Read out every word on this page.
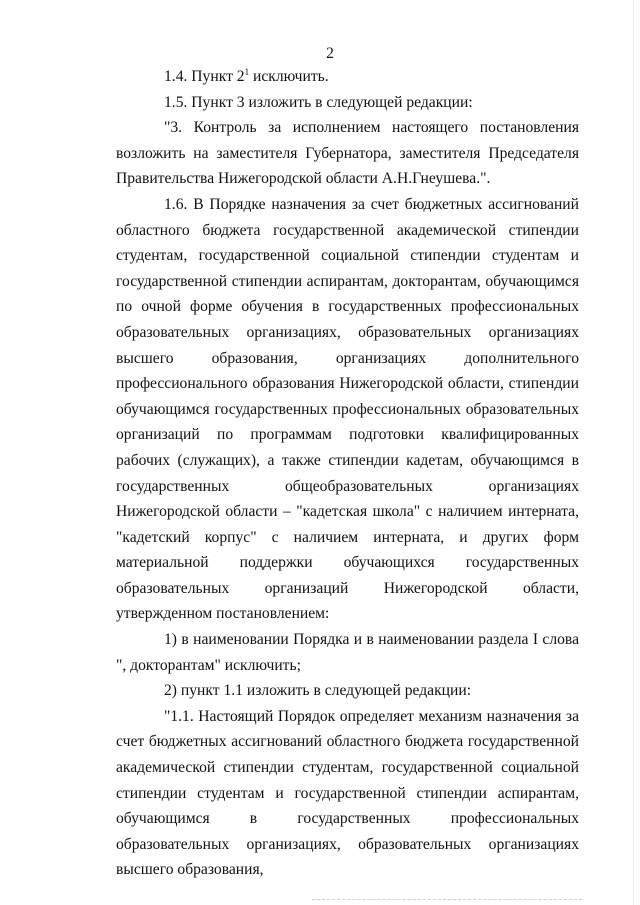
2

1.4. Пункт 2$^1$ исключить.

1.5. Пункт 3 изложить в следующей редакции:

"3. Контроль за исполнением настоящего постановления возложить на заместителя Губернатора, заместителя Председателя Правительства Нижегородской области А.Н.Гнеушева.".

1.6. В Порядке назначения за счет бюджетных ассигнований областного бюджета государственной академической стипендии студентам, государственной социальной стипендии студентам и государственной стипендии аспирантам, докторантам, обучающимся по очной форме обучения в государственных профессиональных образовательных организациях, образовательных организациях высшего образования, организациях дополнительного профессионального образования Нижегородской области, стипендии обучающимся государственных профессиональных образовательных организаций по программам подготовки квалифицированных рабочих (служащих), а также стипендии кадетам, обучающимся в государственных общеобразовательных организациях Нижегородской области – "кадетская школа" с наличием интерната, "кадетский корпус" с наличием интерната, и других форм материальной поддержки обучающихся государственных образовательных организаций Нижегородской области, утвержденном постановлением:

1) в наименовании Порядка и в наименовании раздела I слова ", докторантам" исключить;

2) пункт 1.1 изложить в следующей редакции:

"1.1. Настоящий Порядок определяет механизм назначения за счет бюджетных ассигнований областного бюджета государственной академической стипендии студентам, государственной социальной стипендии студентам и государственной стипендии аспирантам, обучающимся в государственных профессиональных образовательных организациях, образовательных организациях высшего образования,
